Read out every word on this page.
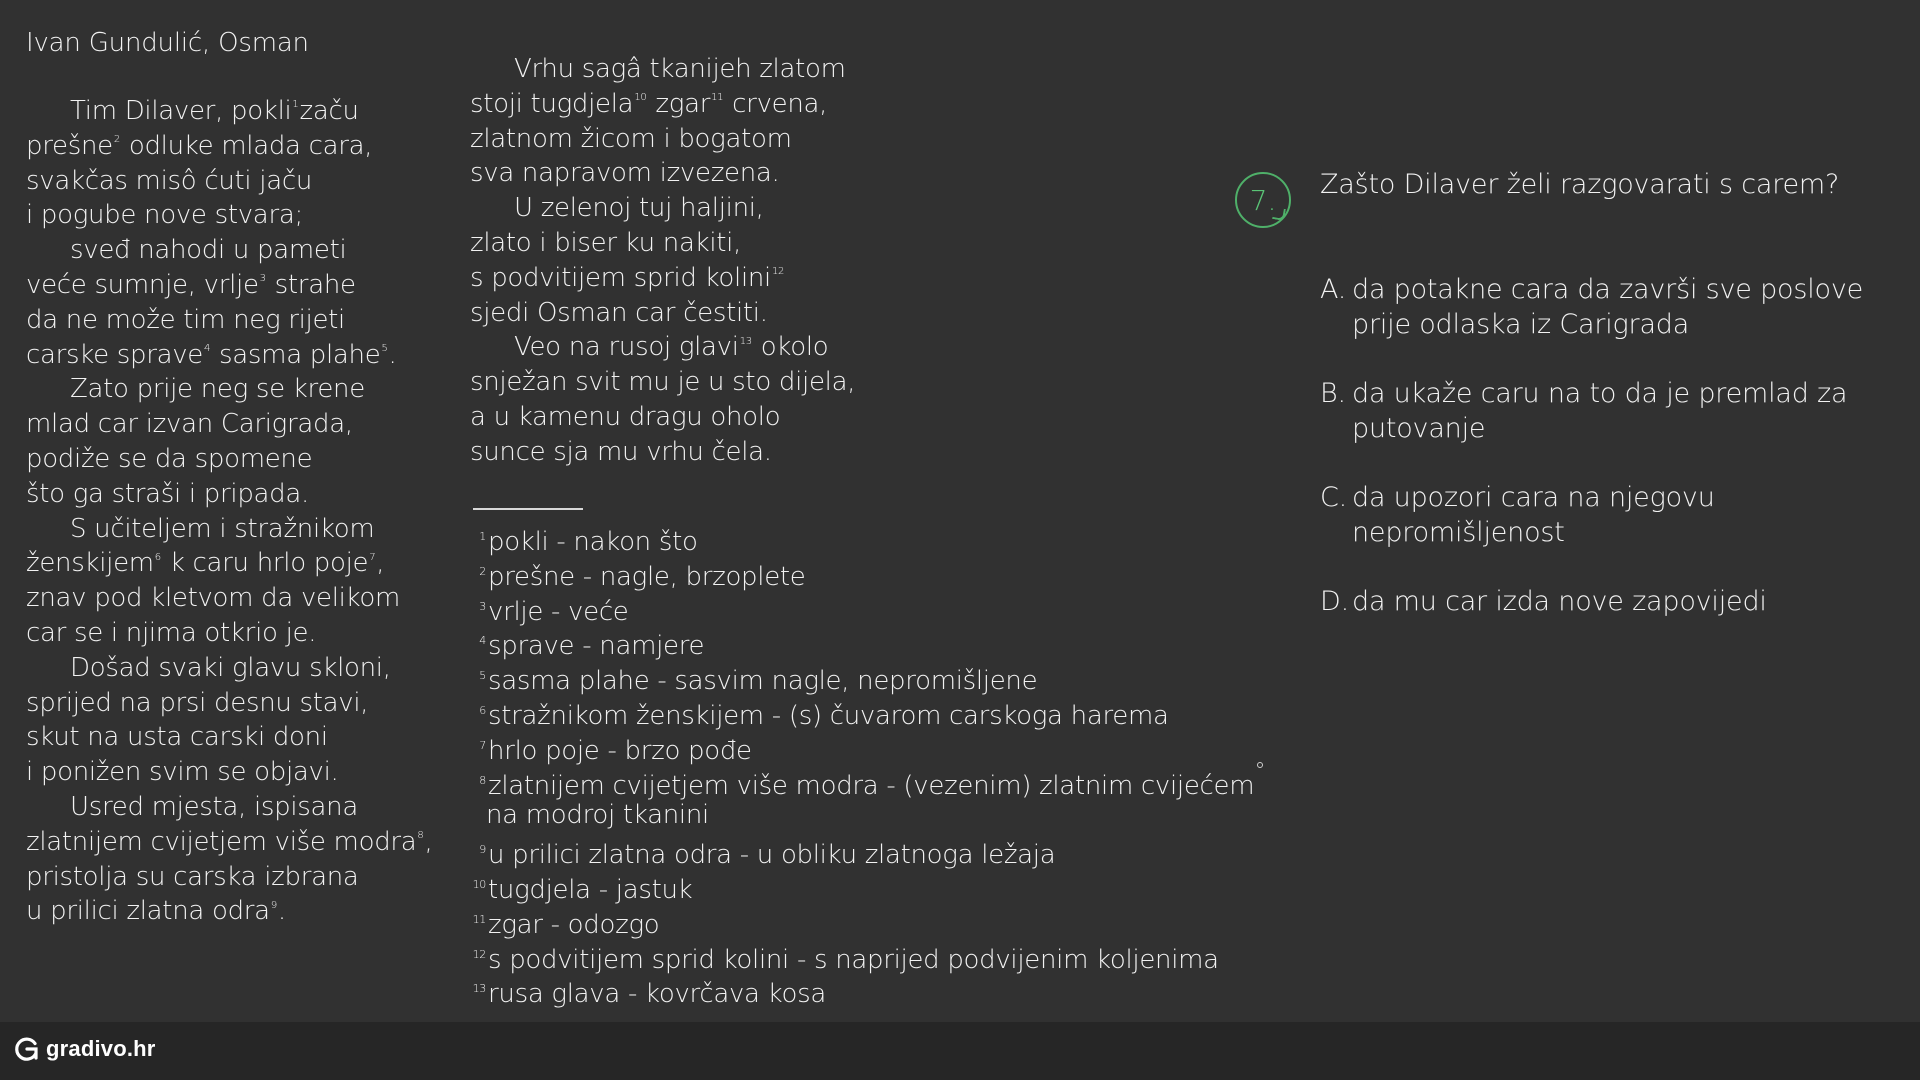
Ivan Gundulić, Osman
Tim Dilaver, pokli$^1$začu
prešne$^2$ odluke mlada cara,
svakčas misô ćuti jaču
i pogube nove stvara;
sveđ nahodi u pameti
veće sumnje, vrlje$^3$ strahe
da ne može tim neg rijeti
carske sprave$^4$ sasma plahe$^5$.
Zato prije neg se krene
mlad car izvan Carigrada,
podiže se da spomene
što ga straši i pripada.
S učiteljem i stražnikom
ženskijem$^6$ k caru hrlo poje$^7$,
znav pod kletvom da velikom
car se i njima otkrio je.
Došad svaki glavu skloni,
sprijed na prsi desnu stavi,
skut na usta carski doni
i ponižen svim se objavi.
Usred mjesta, ispisana
zlatnijem cvijetjem više modra$^8$,
pristolja su carska izbrana
u prilici zlatna odra$^9$.
Vrhu sagâ tkanijeh zlatom
stoji tugdjela$^{10}$ zgar$^{11}$ crvena,
zlatnom žicom i bogatom
sva napravom izvezena.
U zelenoj tuj haljini,
zlato i biser ku nakiti,
s podvitijem sprid kolini$^{12}$
sjedi Osman car čestiti.
Veo na rusoj glavi$^{13}$ okolo
snježan svit mu je u sto dijela,
a u kamenu dragu oholo
sunce sja mu vrhu čela.
1pokli - nakon što
2prešne - nagle, brzoplete
3vrlje - veće
4sprave - namjere
5sasma plahe - sasvim nagle, nepromišljene
6stražnikom ženskijem - (s) čuvarom carskoga harema
7hrlo poje - brzo pođe
8zlatnijem cvijetjem više modra - (vezenim) zlatnim cvijećem
na modroj tkanini
9u prilici zlatna odra - u obliku zlatnoga ležaja
10tugdjela - jastuk
11zgar - odozgo
12s podvitijem sprid kolini - s naprijed podvijenim koljenima
13rusa glava - kovrčava kosa
7. Zašto Dilaver želi razgovarati s carem?
A. da potakne cara da završi sve poslove prije odlaska iz Carigrada
B. da ukaže caru na to da je premlad za putovanje
C. da upozori cara na njegovu nepromišljenost
D. da mu car izda nove zapovijedi
gradivo.hr
